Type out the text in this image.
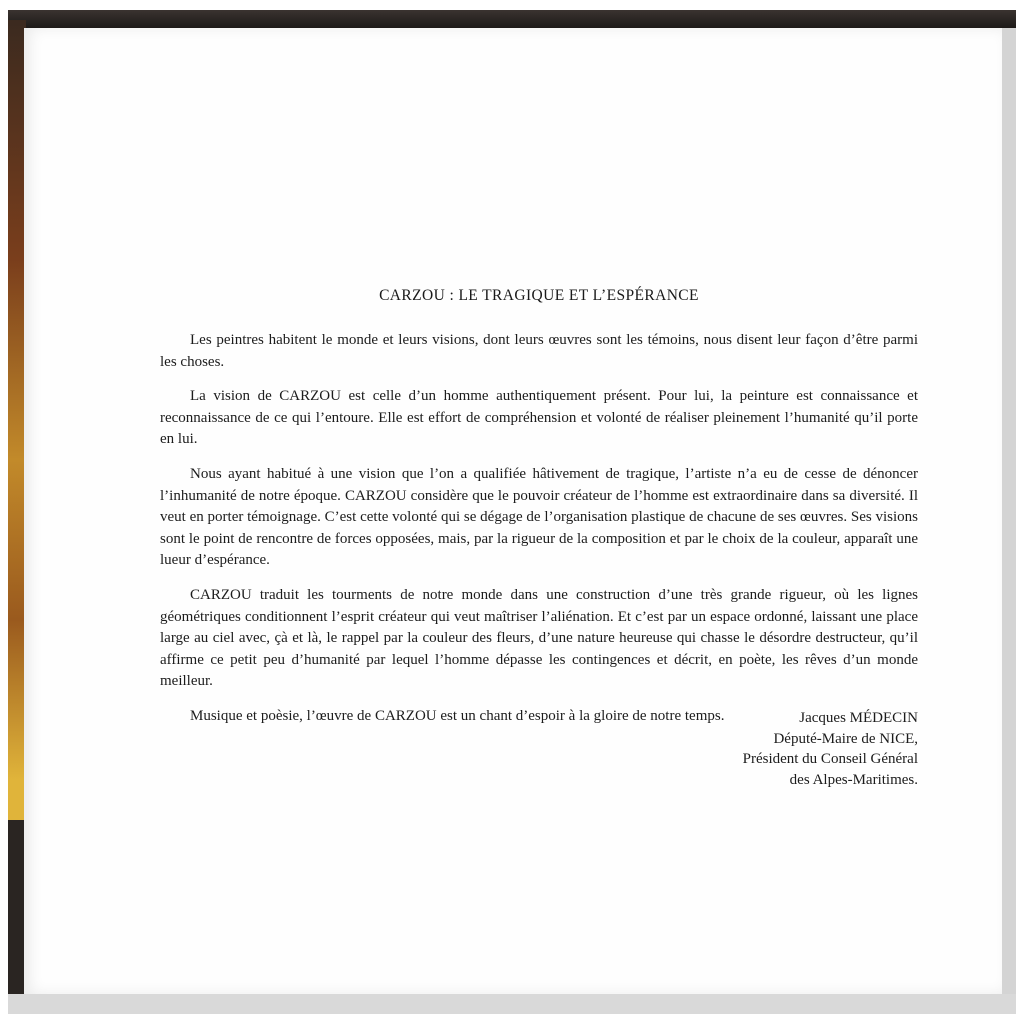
CARZOU : LE TRAGIQUE ET L’ESPÉRANCE

Les peintres habitent le monde et leurs visions, dont leurs œuvres sont les témoins, nous disent leur façon d’être parmi les choses.

La vision de CARZOU est celle d’un homme authentiquement présent. Pour lui, la peinture est connaissance et reconnaissance de ce qui l’entoure. Elle est effort de compréhension et volonté de réaliser pleinement l’humanité qu’il porte en lui.

Nous ayant habitué à une vision que l’on a qualifiée hâtivement de tragique, l’artiste n’a eu de cesse de dénoncer l’inhumanité de notre époque. CARZOU considère que le pouvoir créateur de l’homme est extraordinaire dans sa diversité. Il veut en porter témoignage. C’est cette volonté qui se dégage de l’organisation plastique de chacune de ses œuvres. Ses visions sont le point de rencontre de forces opposées, mais, par la rigueur de la composition et par le choix de la couleur, apparaît une lueur d’espérance.

CARZOU traduit les tourments de notre monde dans une construction d’une très grande rigueur, où les lignes géométriques conditionnent l’esprit créateur qui veut maîtriser l’aliénation. Et c’est par un espace ordonné, laissant une place large au ciel avec, çà et là, le rappel par la couleur des fleurs, d’une nature heureuse qui chasse le désordre destructeur, qu’il affirme ce petit peu d’humanité par lequel l’homme dépasse les contingences et décrit, en poète, les rêves d’un monde meilleur.

Musique et poèsie, l’œuvre de CARZOU est un chant d’espoir à la gloire de notre temps.	Jacques MÉDECIN
Député-Maire de NICE,
Président du Conseil Général
des Alpes-Maritimes.
